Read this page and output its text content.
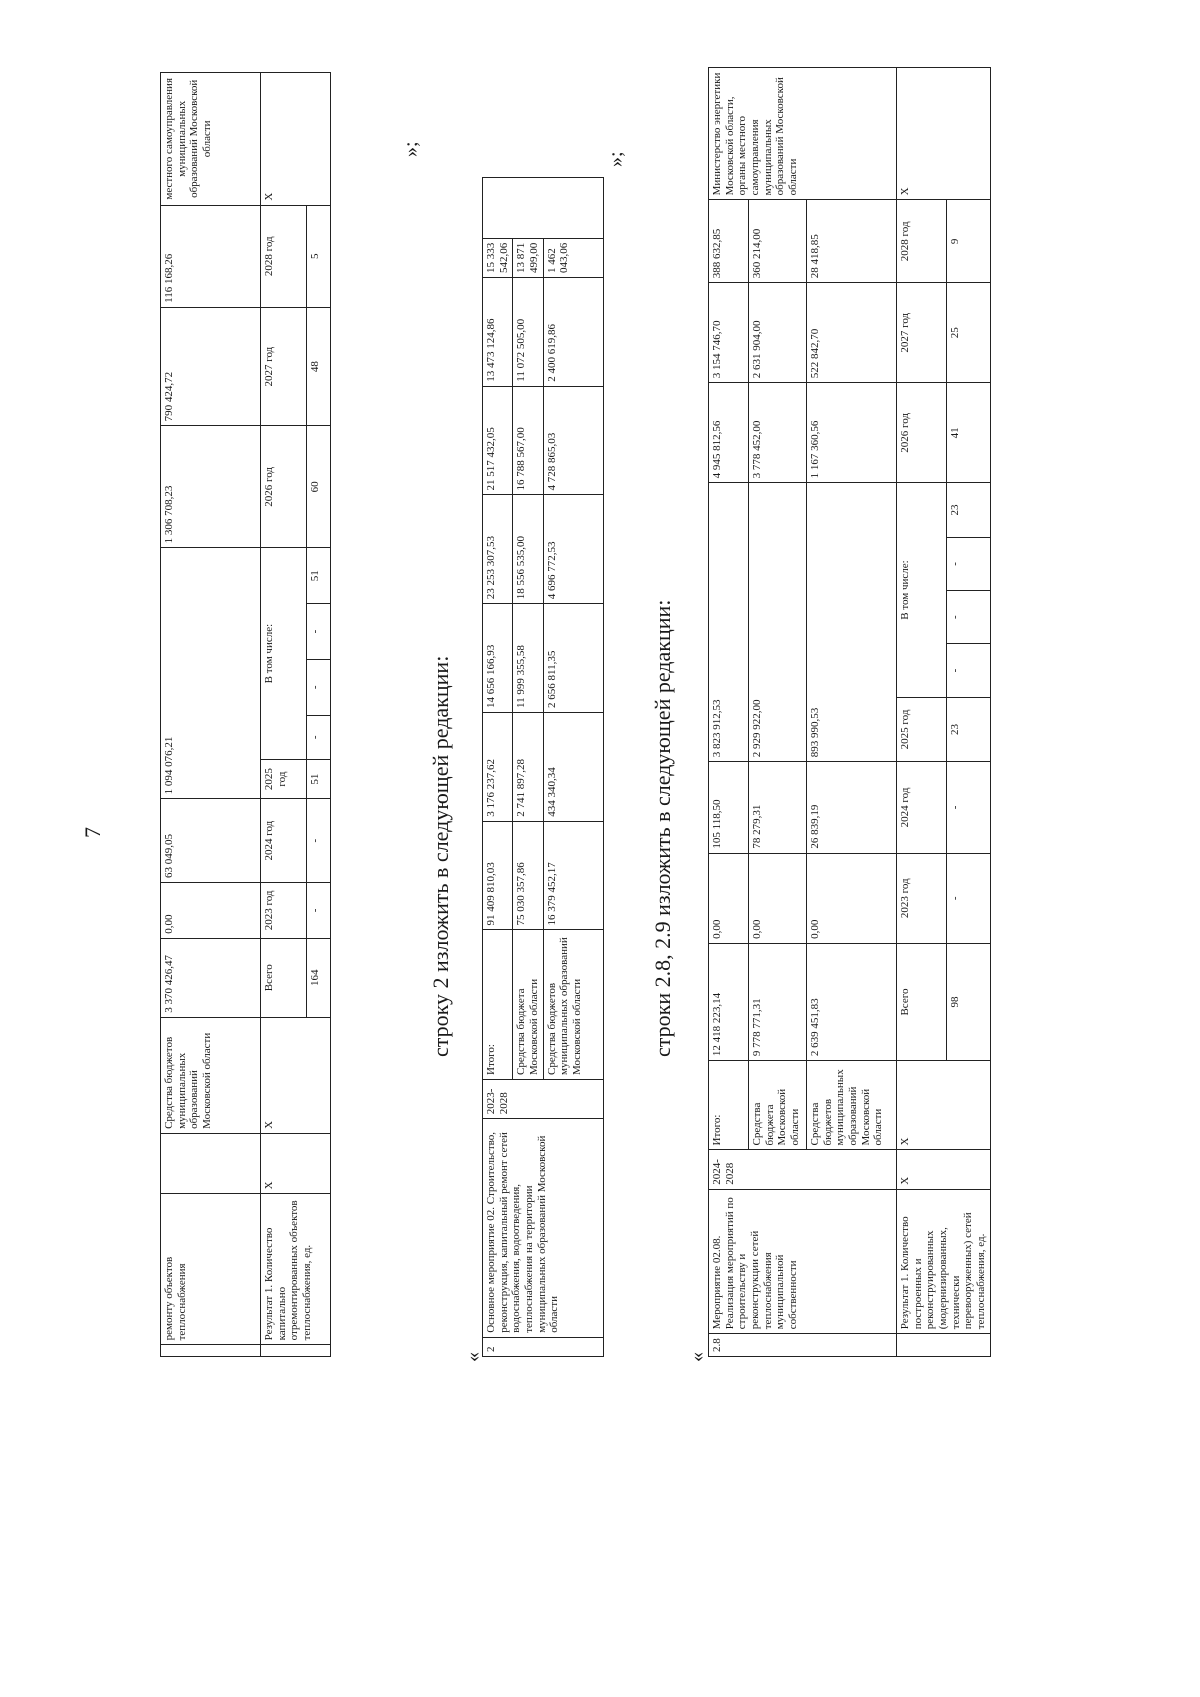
7
	ремонту объектов теплоснабжения		Средства бюджетов муниципальных образований Московской области	3 370 426,47	0,00	63 049,05	1 094 076,21					1 306 708,23	790 424,72	116 168,26	местного самоуправления муниципальных образований Московской области
	Результат 1. Количество капитально отремонтированных объектов теплоснабжения, ед.	X	X	Всего	2023 год	2024 год	2025 год	В том числе:				2026 год	2027 год	2028 год	X
				164	-	-	51	-	-	-	51	60	48	5	
»;
строку 2 изложить в следующей редакции:
«
2	Основное мероприятие 02. Строительство, реконструкция, капитальный ремонт сетей водоснабжения, водоотведения, теплоснабжения на территории муниципальных образований Московской области	2023-2028	Итого:	91 409 810,03	3 176 237,62	14 656 166,93	23 253 307,53	21 517 432,05	13 473 124,86	15 333 542,06	
			Средства бюджета Московской области	75 030 357,86	2 741 897,28	11 999 355,58	18 556 535,00	16 788 567,00	11 072 505,00	13 871 499,00	
			Средства бюджетов муниципальных образований Московской области	16 379 452,17	434 340,34	2 656 811,35	4 696 772,53	4 728 865,03	2 400 619,86	1 462 043,06	
»;
строки 2.8, 2.9 изложить в следующей редакции:
«
2.8	Мероприятие 02.08. Реализация мероприятий по строительству и реконструкции сетей теплоснабжения муниципальной собственности	2024-2028	Итого:	12 418 223,14	0,00	105 118,50	3 823 912,53					4 945 812,56	3 154 746,70	388 632,85	Министерство энергетики Московской области, органы местного самоуправления муниципальных образований Московской области
			Средства бюджета Московской области	9 778 771,31	0,00	78 279,31	2 929 922,00					3 778 452,00	2 631 904,00	360 214,00	
			Средства бюджетов муниципальных образований Московской области	2 639 451,83	0,00	26 839,19	893 990,53					1 167 360,56	522 842,70	28 418,85	
	Результат 1. Количество построенных и реконструированных (модернизированных, технически перевооруженных) сетей теплоснабжения, ед.	X	X	Всего	2023 год	2024 год	2025 год	В том числе:				2026 год	2027 год	2028 год	X
				98	-	-	23	-	-	-	23	41	25	9	
